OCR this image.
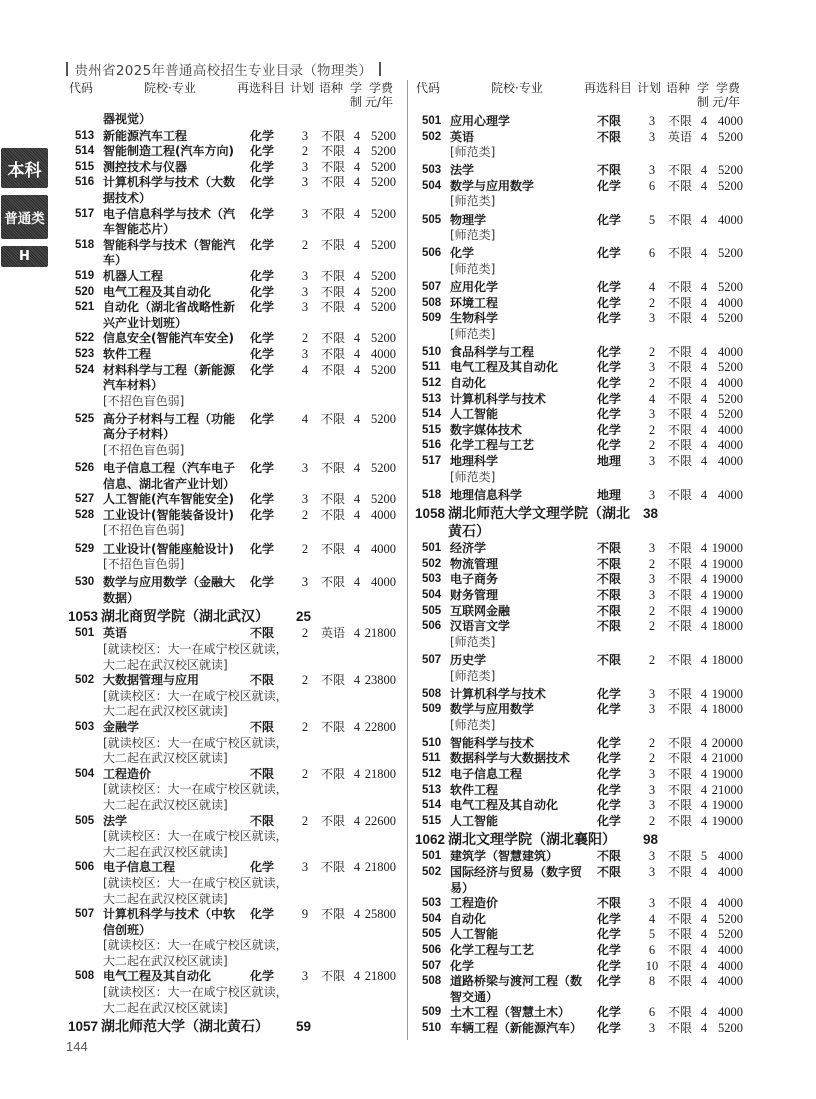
贵州省2025年普通高校招生专业目录（物理类）
本科
普通类
H
代码	院校·专业	再选科目 计划 语种 学
制
学费
元/年
代码	院校·专业	再选科目 计划 语种 学
制
学费
元/年
器视觉）
513 新能源汽车工程	化学	3	不限 4 5200
514 智能制造工程(汽车方向)	化学	2	不限 4 5200
515 测控技术与仪器	化学	3	不限 4 5200
516 计算机科学与技术（大数
据技术）
化学	3	不限 4 5200
517 电子信息科学与技术（汽
车智能芯片）
化学	3	不限 4 5200
518 智能科学与技术（智能汽
车）
化学	2	不限 4 5200
519 机器人工程	化学	3	不限 4 5200
520 电气工程及其自动化	化学	3	不限 4 5200
521 自动化（湖北省战略性新
兴产业计划班）
化学	3	不限 4 5200
522 信息安全(智能汽车安全)	化学	2	不限 4 5200
523 软件工程	化学	3	不限 4 4000
524 材料科学与工程（新能源
汽车材料）
化学	4	不限 4 5200
[不招色盲色弱]
525 高分子材料与工程（功能
高分子材料）
化学	4	不限 4 5200
[不招色盲色弱]
526 电子信息工程（汽车电子
信息、湖北省产业计划）
化学	3	不限 4 5200
527 人工智能(汽车智能安全)	化学	3	不限 4 5200
528 工业设计(智能装备设计)	化学	2	不限 4 4000
[不招色盲色弱]
529 工业设计(智能座舱设计)	化学	2	不限 4 4000
[不招色盲色弱]
530 数学与应用数学（金融大
数据）
化学	3	不限 4 4000
1053 湖北商贸学院（湖北武汉）	25
501 英语	不限	2	英语 4 21800
[就读校区：大一在咸宁校区就读，
大二起在武汉校区就读]
502 大数据管理与应用	不限	2	不限 4 23800
[就读校区：大一在咸宁校区就读，
大二起在武汉校区就读]
503 金融学	不限	2	不限 4 22800
[就读校区：大一在咸宁校区就读，
大二起在武汉校区就读]
504 工程造价	不限	2	不限 4 21800
[就读校区：大一在咸宁校区就读，
大二起在武汉校区就读]
505 法学	不限	2	不限 4 22600
[就读校区：大一在咸宁校区就读，
大二起在武汉校区就读]
506 电子信息工程	化学	3	不限 4 21800
[就读校区：大一在咸宁校区就读，
大二起在武汉校区就读]
507 计算机科学与技术（中软
信创班）
化学	9	不限 4 25800
[就读校区：大一在咸宁校区就读，
大二起在武汉校区就读]
508 电气工程及其自动化	化学	3	不限 4 21800
[就读校区：大一在咸宁校区就读，
大二起在武汉校区就读]
1057 湖北师范大学（湖北黄石）	59
501 应用心理学	不限	3	不限 4 4000
502 英语	不限	3	英语 4 5200
[师范类]
503 法学	不限	3	不限 4 5200
504 数学与应用数学	化学	6	不限 4 5200
[师范类]
505 物理学	化学	5	不限 4 4000
[师范类]
506 化学	化学	6	不限 4 5200
[师范类]
507 应用化学	化学	4	不限 4 5200
508 环境工程	化学	2	不限 4 4000
509 生物科学	化学	3	不限 4 5200
[师范类]
510 食品科学与工程	化学	2	不限 4 4000
511 电气工程及其自动化	化学	3	不限 4 5200
512 自动化	化学	2	不限 4 4000
513 计算机科学与技术	化学	4	不限 4 5200
514 人工智能	化学	3	不限 4 5200
515 数字媒体技术	化学	2	不限 4 4000
516 化学工程与工艺	化学	2	不限 4 4000
517 地理科学	地理	3	不限 4 4000
[师范类]
518 地理信息科学	地理	3	不限 4 4000
1058 湖北师范大学文理学院（湖北
黄石）
38
501 经济学	不限	3	不限 4 19000
502 物流管理	不限	2	不限 4 19000
503 电子商务	不限	3	不限 4 19000
504 财务管理	不限	3	不限 4 19000
505 互联网金融	不限	2	不限 4 19000
506 汉语言文学	不限	2	不限 4 18000
[师范类]
507 历史学	不限	2	不限 4 18000
[师范类]
508 计算机科学与技术	化学	3	不限 4 19000
509 数学与应用数学	化学	3	不限 4 18000
[师范类]
510 智能科学与技术	化学	2	不限 4 20000
511 数据科学与大数据技术	化学	2	不限 4 21000
512 电子信息工程	化学	3	不限 4 19000
513 软件工程	化学	3	不限 4 21000
514 电气工程及其自动化	化学	3	不限 4 19000
515 人工智能	化学	2	不限 4 19000
1062 湖北文理学院（湖北襄阳）	98
501 建筑学（智慧建筑）	不限	3	不限 5 4000
502 国际经济与贸易（数字贸
易）
不限	3	不限 4 4000
503 工程造价	不限	3	不限 4 4000
504 自动化	化学	4	不限 4 5200
505 人工智能	化学	5	不限 4 5200
506 化学工程与工艺	化学	6	不限 4 4000
507 化学	化学	10 不限 4 4000
508 道路桥梁与渡河工程（数
智交通）
化学	8	不限 4 4000
509 土木工程（智慧土木）	化学	6	不限 4 4000
510 车辆工程（新能源汽车）	化学	3	不限 4 5200
144
